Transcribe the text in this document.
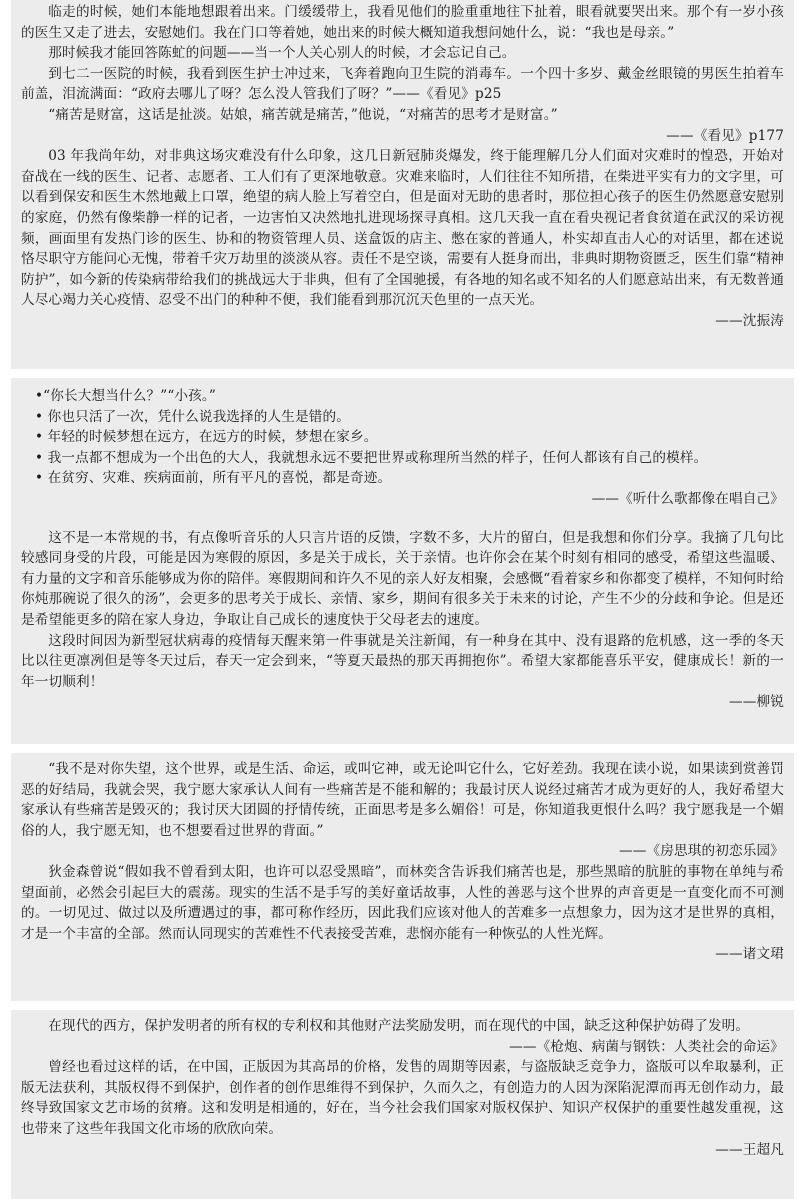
临走的时候，她们本能地想跟着出来。门缓缓带上，我看见他们的脸重重地往下扯着，眼看就要哭出来。那个有一岁小孩的医生又走了进去，安慰她们。我在门口等着她，她出来的时候大概知道我想问她什么，说：“我也是母亲。”

那时候我才能回答陈虻的问题——当一个人关心别人的时候，才会忘记自己。

到七二一医院的时候，我看到医生护士冲过来，飞奔着跑向卫生院的消毒车。一个四十多岁、戴金丝眼镜的男医生拍着车前盖，泪流满面：“政府去哪儿了呀？怎么没人管我们了呀？”——《看见》p25

“痛苦是财富，这话是扯淡。姑娘，痛苦就是痛苦，”他说，“对痛苦的思考才是财富。”

——《看见》p177

03 年我尚年幼，对非典这场灾难没有什么印象，这几日新冠肺炎爆发，终于能理解几分人们面对灾难时的惶恐，开始对奋战在一线的医生、记者、志愿者、工人们有了更深地敬意。灾难来临时，人们往往不知所措，在柴进平实有力的文字里，可以看到保安和医生木然地戴上口罩，绝望的病人脸上写着空白，但是面对无助的患者时，那位担心孩子的医生仍然愿意安慰别的家庭，仍然有像柴静一样的记者，一边害怕又决然地扎进现场探寻真相。这几天我一直在看央视记者食贫道在武汉的采访视频，画面里有发热门诊的医生、协和的物资管理人员、送盒饭的店主、憋在家的普通人，朴实却直击人心的对话里，都在述说恪尽职守方能问心无愧，带着千灾万劫里的淡淡从容。责任不是空谈，需要有人挺身而出，非典时期物资匮乏，医生们靠“精神防护”，如今新的传染病带给我们的挑战远大于非典，但有了全国驰援，有各地的知名或不知名的人们愿意站出来，有无数普通人尽心竭力关心疫情、忍受不出门的种种不便，我们能看到那沉沉天色里的一点天光。

——沈振涛

•“你长大想当什么？”“小孩。”

• 你也只活了一次，凭什么说我选择的人生是错的。

• 年轻的时候梦想在远方，在远方的时候，梦想在家乡。

• 我一点都不想成为一个出色的大人，我就想永远不要把世界或称理所当然的样子，任何人都该有自己的模样。

• 在贫穷、灾难、疾病面前，所有平凡的喜悦，都是奇迹。

——《听什么歌都像在唱自己》

这不是一本常规的书，有点像听音乐的人只言片语的反馈，字数不多，大片的留白，但是我想和你们分享。我摘了几句比较感同身受的片段，可能是因为寒假的原因，多是关于成长，关于亲情。也许你会在某个时刻有相同的感受，希望这些温暖、有力量的文字和音乐能够成为你的陪伴。寒假期间和许久不见的亲人好友相聚，会感慨“看着家乡和你都变了模样，不知何时给你炖那碗说了很久的汤”，会更多的思考关于成长、亲情、家乡，期间有很多关于未来的讨论，产生不少的分歧和争论。但是还是希望能更多的陪在家人身边，争取让自己成长的速度快于父母老去的速度。

这段时间因为新型冠状病毒的疫情每天醒来第一件事就是关注新闻，有一种身在其中、没有退路的危机感，这一季的冬天比以往更凛冽但是等冬天过后，春天一定会到来，“等夏天最热的那天再拥抱你”。希望大家都能喜乐平安，健康成长！新的一年一切顺利！

——柳锐

“我不是对你失望，这个世界，或是生活、命运，或叫它神，或无论叫它什么，它好差劲。我现在读小说，如果读到赏善罚恶的好结局，我就会哭，我宁愿大家承认人间有一些痛苦是不能和解的；我最讨厌人说经过痛苦才成为更好的人，我好希望大家承认有些痛苦是毁灭的；我讨厌大团圆的抒情传统，正面思考是多么媚俗！可是，你知道我更恨什么吗？我宁愿我是一个媚俗的人，我宁愿无知，也不想要看过世界的背面。”

——《房思琪的初恋乐园》

狄金森曾说“假如我不曾看到太阳，也许可以忍受黑暗”，而林奕含告诉我们痛苦也是，那些黑暗的肮脏的事物在单纯与希望面前，必然会引起巨大的震荡。现实的生活不是手写的美好童话故事，人性的善恶与这个世界的声音更是一直变化而不可测的。一切见过、做过以及所遭遇过的事，都可称作经历，因此我们应该对他人的苦难多一点想象力，因为这才是世界的真相，才是一个丰富的全部。然而认同现实的苦难性不代表接受苦难，悲悯亦能有一种恢弘的人性光辉。

——诸文珺

在现代的西方，保护发明者的所有权的专利权和其他财产法奖励发明，而在现代的中国，缺乏这种保护妨碍了发明。

——《枪炮、病菌与钢铁：人类社会的命运》

曾经也看过这样的话，在中国，正版因为其高昂的价格，发售的周期等因素，与盗版缺乏竞争力，盗版可以牟取暴利，正版无法获利，其版权得不到保护，创作者的创作思维得不到保护，久而久之，有创造力的人因为深陷泥潭而再无创作动力，最终导致国家文艺市场的贫瘠。这和发明是相通的，好在，当今社会我们国家对版权保护、知识产权保护的重要性越发重视，这也带来了这些年我国文化市场的欣欣向荣。

——王超凡
